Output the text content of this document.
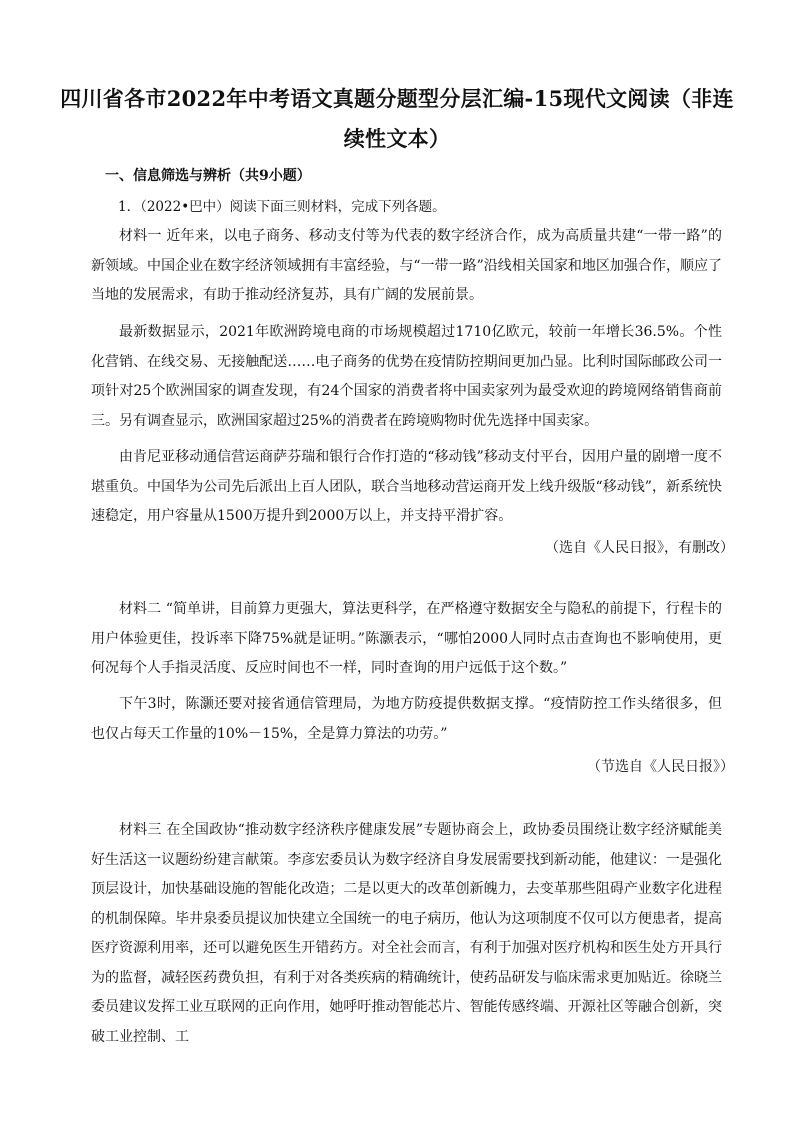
四川省各市2022年中考语文真题分题型分层汇编-15现代文阅读（非连续性文本）
一、信息筛选与辨析（共9小题）
1．（2022•巴中）阅读下面三则材料，完成下列各题。

材料一 近年来，以电子商务、移动支付等为代表的数字经济合作，成为高质量共建“一带一路”的新领域。中国企业在数字经济领域拥有丰富经验，与“一带一路”沿线相关国家和地区加强合作，顺应了当地的发展需求，有助于推动经济复苏，具有广阔的发展前景。

最新数据显示，2021年欧洲跨境电商的市场规模超过1710亿欧元，较前一年增长36.5%。个性化营销、在线交易、无接触配送……电子商务的优势在疫情防控期间更加凸显。比利时国际邮政公司一项针对25个欧洲国家的调查发现，有24个国家的消费者将中国卖家列为最受欢迎的跨境网络销售商前三。另有调查显示，欧洲国家超过25%的消费者在跨境购物时优先选择中国卖家。

由肯尼亚移动通信营运商萨芬瑞和银行合作打造的“移动钱”移动支付平台，因用户量的剧增一度不堪重负。中国华为公司先后派出上百人团队，联合当地移动营运商开发上线升级版“移动钱”，新系统快速稳定，用户容量从1500万提升到2000万以上，并支持平滑扩容。

（选自《人民日报》，有删改）

材料二 “简单讲，目前算力更强大，算法更科学，在严格遵守数据安全与隐私的前提下，行程卡的用户体验更佳，投诉率下降75%就是证明。”陈灏表示，“哪怕2000人同时点击查询也不影响使用，更何况每个人手指灵活度、反应时间也不一样，同时查询的用户远低于这个数。”

下午3时，陈灏还要对接省通信管理局，为地方防疫提供数据支撑。“疫情防控工作头绪很多，但也仅占每天工作量的10%－15%，全是算力算法的功劳。”

（节选自《人民日报》）

材料三 在全国政协“推动数字经济秩序健康发展”专题协商会上，政协委员围绕让数字经济赋能美好生活这一议题纷纷建言献策。李彦宏委员认为数字经济自身发展需要找到新动能，他建议：一是强化顶层设计，加快基础设施的智能化改造；二是以更大的改革创新魄力，去变革那些阻碍产业数字化进程的机制保障。毕井泉委员提议加快建立全国统一的电子病历，他认为这项制度不仅可以方便患者，提高医疗资源利用率，还可以避免医生开错药方。对全社会而言，有利于加强对医疗机构和医生处方开具行为的监督，减轻医药费负担，有利于对各类疾病的精确统计，使药品研发与临床需求更加贴近。徐晓兰委员建议发挥工业互联网的正向作用，她呼吁推动智能芯片、智能传感终端、开源社区等融合创新，突破工业控制、工
